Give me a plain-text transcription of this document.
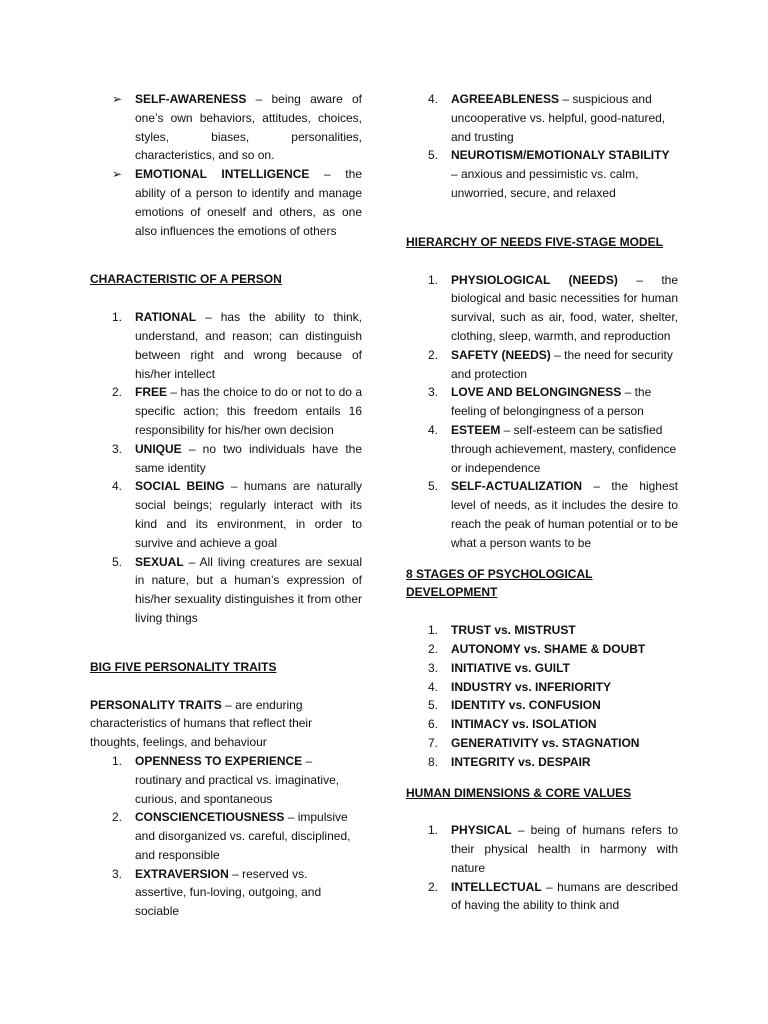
➢ SELF-AWARENESS – being aware of one’s own behaviors, attitudes, choices, styles, biases, personalities, characteristics, and so on.
➢ EMOTIONAL INTELLIGENCE – the ability of a person to identify and manage emotions of oneself and others, as one also influences the emotions of others

CHARACTERISTIC OF A PERSON

1. RATIONAL – has the ability to think, understand, and reason; can distinguish between right and wrong because of his/her intellect
2. FREE – has the choice to do or not to do a specific action; this freedom entails 16 responsibility for his/her own decision
3. UNIQUE – no two individuals have the same identity
4. SOCIAL BEING – humans are naturally social beings; regularly interact with its kind and its environment, in order to survive and achieve a goal
5. SEXUAL – All living creatures are sexual in nature, but a human’s expression of his/her sexuality distinguishes it from other living things

BIG FIVE PERSONALITY TRAITS

PERSONALITY TRAITS – are enduring characteristics of humans that reflect their thoughts, feelings, and behaviour

1. OPENNESS TO EXPERIENCE – routinary and practical vs. imaginative, curious, and spontaneous
2. CONSCIENCETIOUSNESS – impulsive and disorganized vs. careful, disciplined, and responsible
3. EXTRAVERSION – reserved vs. assertive, fun-loving, outgoing, and sociable
4. AGREEABLENESS – suspicious and uncooperative vs. helpful, good-natured, and trusting
5. NEUROTISM/EMOTIONALY STABILITY – anxious and pessimistic vs. calm, unworried, secure, and relaxed

HIERARCHY OF NEEDS FIVE-STAGE MODEL

1. PHYSIOLOGICAL (NEEDS) – the biological and basic necessities for human survival, such as air, food, water, shelter, clothing, sleep, warmth, and reproduction
2. SAFETY (NEEDS) – the need for security and protection
3. LOVE AND BELONGINGNESS – the feeling of belongingness of a person
4. ESTEEM – self-esteem can be satisfied through achievement, mastery, confidence or independence
5. SELF-ACTUALIZATION – the highest level of needs, as it includes the desire to reach the peak of human potential or to be what a person wants to be

8 STAGES OF PSYCHOLOGICAL DEVELOPMENT

1. TRUST vs. MISTRUST
2. AUTONOMY vs. SHAME & DOUBT
3. INITIATIVE vs. GUILT
4. INDUSTRY vs. INFERIORITY
5. IDENTITY vs. CONFUSION
6. INTIMACY vs. ISOLATION
7. GENERATIVITY vs. STAGNATION
8. INTEGRITY vs. DESPAIR

HUMAN DIMENSIONS & CORE VALUES

1. PHYSICAL – being of humans refers to their physical health in harmony with nature
2. INTELLECTUAL – humans are described of having the ability to think and
